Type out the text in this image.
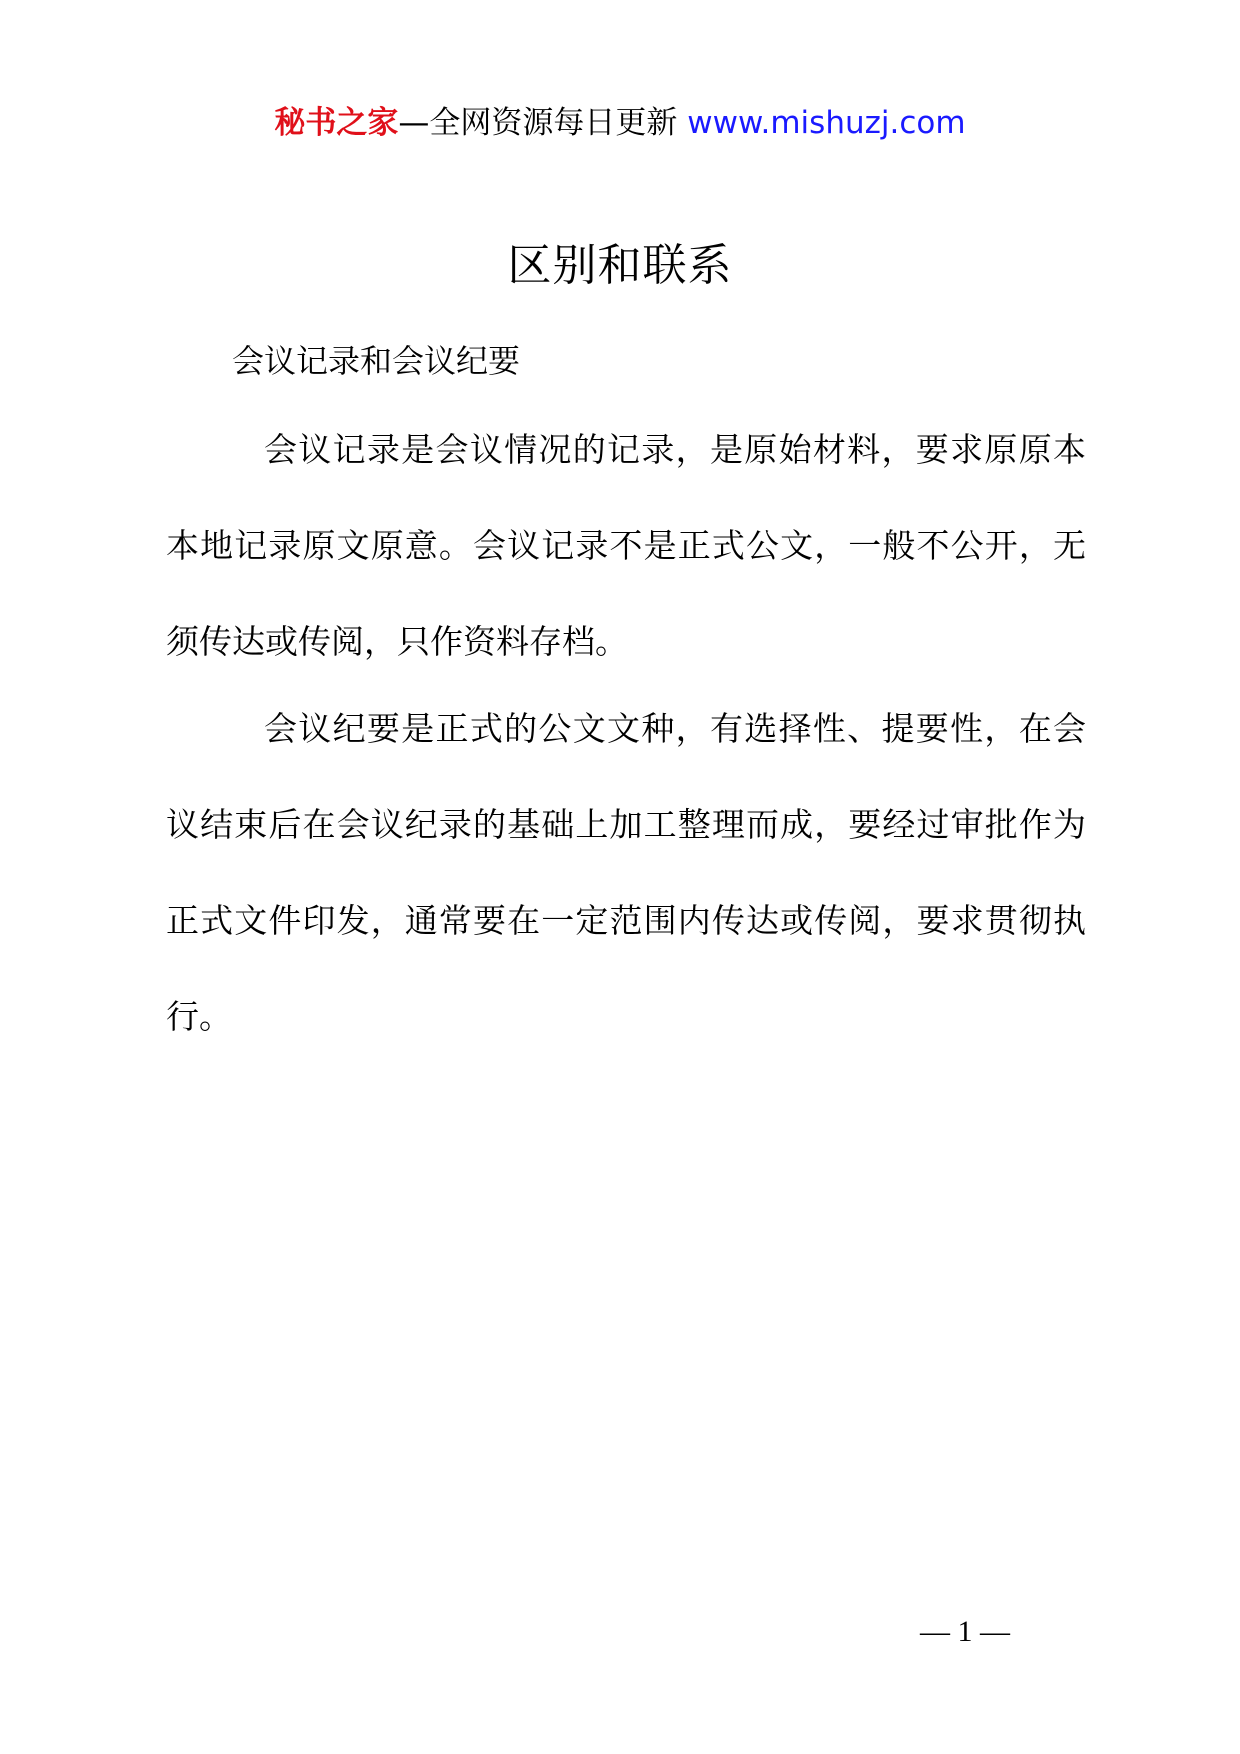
秘书之家—全网资源每日更新 www.mishuzj.com
区别和联系
会议记录和会议纪要

会议记录是会议情况的记录，是原始材料，要求原原本本地记录原文原意。会议记录不是正式公文，一般不公开，无须传达或传阅，只作资料存档。

会议纪要是正式的公文文种，有选择性、提要性，在会议结束后在会议纪录的基础上加工整理而成，要经过审批作为正式文件印发，通常要在一定范围内传达或传阅，要求贯彻执行。

— 1 —
